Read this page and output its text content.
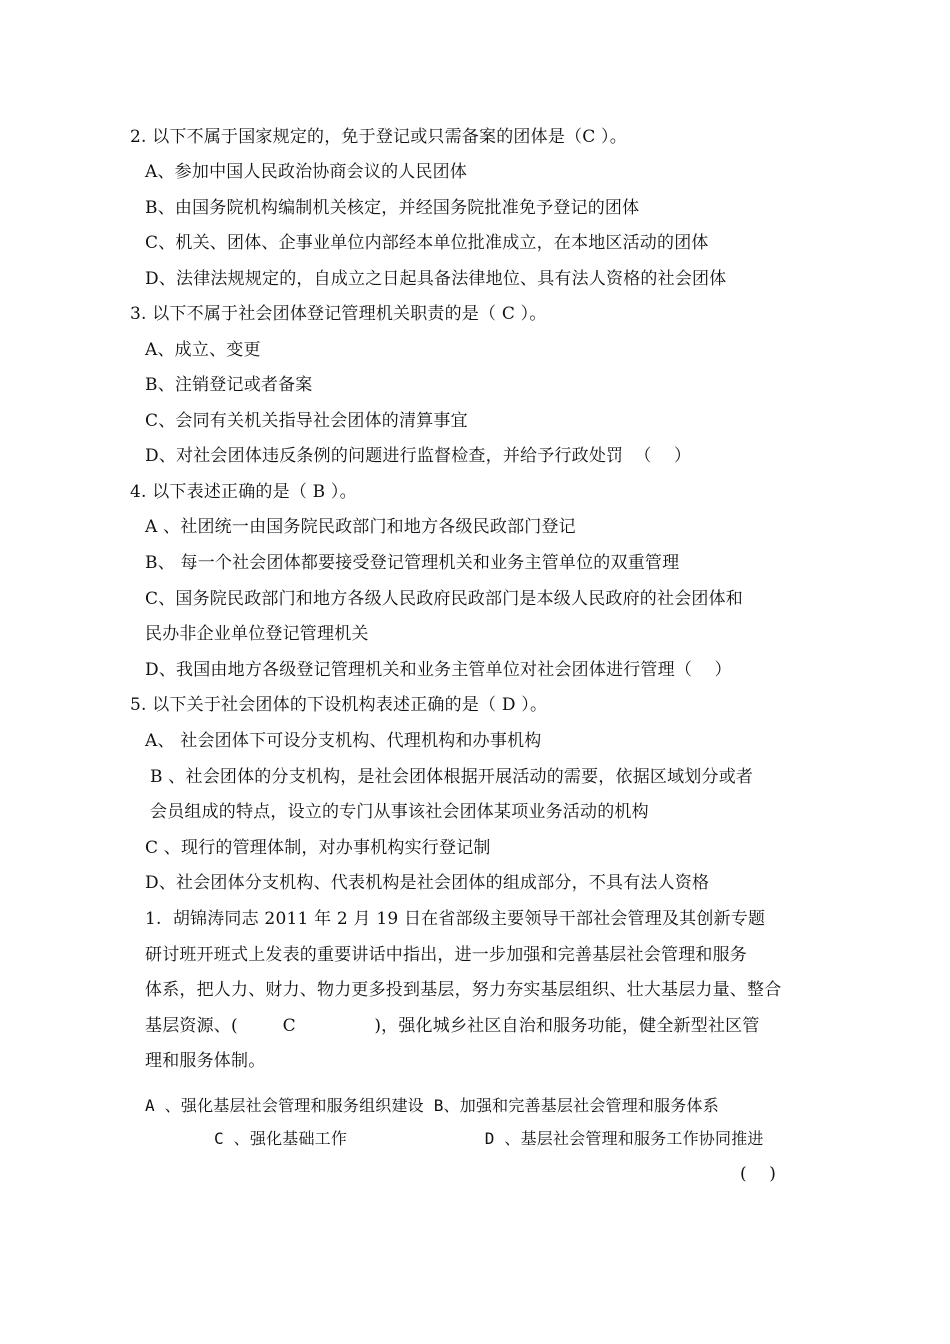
2. 以下不属于国家规定的，免于登记或只需备案的团体是（C ）。
A、参加中国人民政治协商会议的人民团体
B、由国务院机构编制机关核定，并经国务院批准免予登记的团体
C、机关、团体、企事业单位内部经本单位批准成立，在本地区活动的团体
D、法律法规规定的，自成立之日起具备法律地位、具有法人资格的社会团体
3. 以下不属于社会团体登记管理机关职责的是（ C ）。
A、成立、变更
B、注销登记或者备案
C、会同有关机关指导社会团体的清算事宜
D、对社会团体违反条例的问题进行监督检查，并给予行政处罚  （    ）
4. 以下表述正确的是（ B ）。
A 、社团统一由国务院民政部门和地方各级民政部门登记
B、 每一个社会团体都要接受登记管理机关和业务主管单位的双重管理
C、国务院民政部门和地方各级人民政府民政部门是本级人民政府的社会团体和
民办非企业单位登记管理机关
D、我国由地方各级登记管理机关和业务主管单位对社会团体进行管理（    ）
5. 以下关于社会团体的下设机构表述正确的是（ D ）。
A、 社会团体下可设分支机构、代理机构和办事机构
B 、社会团体的分支机构，是社会团体根据开展活动的需要，依据区域划分或者
会员组成的特点，设立的专门从事该社会团体某项业务活动的机构
C 、现行的管理体制，对办事机构实行登记制
D、社会团体分支机构、代表机构是社会团体的组成部分，不具有法人资格
1.  胡锦涛同志 2011 年 2 月 19 日在省部级主要领导干部社会管理及其创新专题
研讨班开班式上发表的重要讲话中指出，进一步加强和完善基层社会管理和服务
体系，把人力、财力、物力更多投到基层，努力夯实基层组织、壮大基层力量、整合
基层资源、(        C              )，强化城乡社区自治和服务功能，健全新型社区管
理和服务体制。
A 、强化基层社会管理和服务组织建设 B、加强和完善基层社会管理和服务体系
C 、强化基础工作              D 、基层社会管理和服务工作协同推进
(    )
